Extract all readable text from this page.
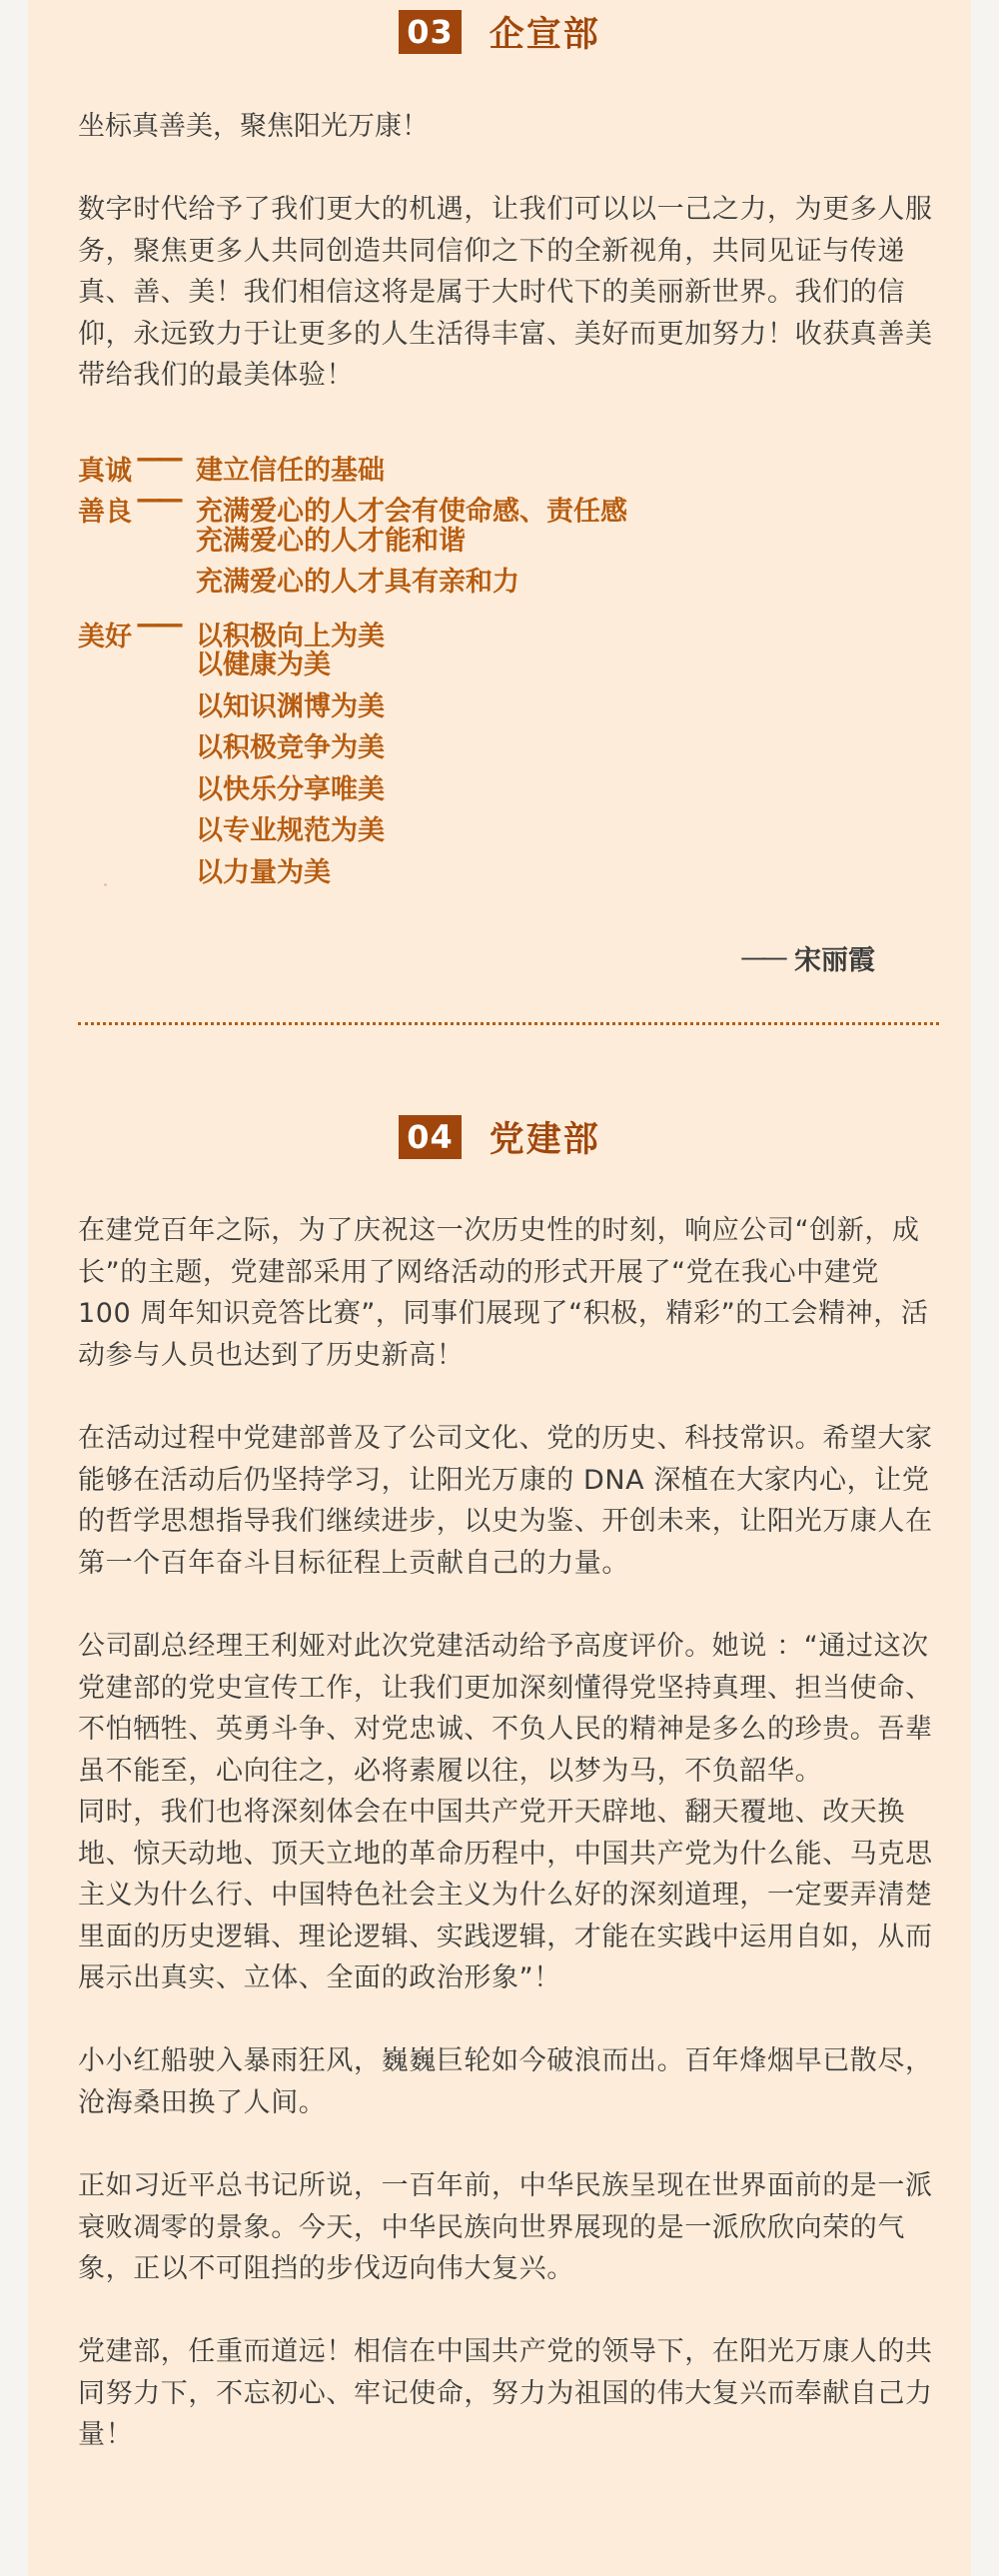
03 企宣部

坐标真善美，聚焦阳光万康！

数字时代给予了我们更大的机遇，让我们可以以一己之力，为更多人服务，聚焦更多人共同创造共同信仰之下的全新视角，共同见证与传递真、善、美！我们相信这将是属于大时代下的美丽新世界。我们的信仰，永远致力于让更多的人生活得丰富、美好而更加努力！收获真善美带给我们的最美体验！

真诚 —— 建立信任的基础
善良 —— 充满爱心的人才会有使命感、责任感
充满爱心的人才能和谐
充满爱心的人才具有亲和力
美好 —— 以积极向上为美
以健康为美
以知识渊博为美
以积极竞争为美
以快乐分享唯美
以专业规范为美
以力量为美
—— 宋丽霞
04 党建部

在建党百年之际，为了庆祝这一次历史性的时刻，响应公司“创新，成长”的主题，党建部采用了网络活动的形式开展了“党在我心中建党 100 周年知识竞答比赛”，同事们展现了“积极，精彩”的工会精神，活动参与人员也达到了历史新高！

在活动过程中党建部普及了公司文化、党的历史、科技常识。希望大家能够在活动后仍坚持学习，让阳光万康的 DNA 深植在大家内心，让党的哲学思想指导我们继续进步，以史为鉴、开创未来，让阳光万康人在第一个百年奋斗目标征程上贡献自己的力量。

公司副总经理王利娅对此次党建活动给予高度评价。她说 ：“通过这次党建部的党史宣传工作，让我们更加深刻懂得党坚持真理、担当使命、不怕牺牲、英勇斗争、对党忠诚、不负人民的精神是多么的珍贵。吾辈虽不能至，心向往之，必将素履以往，以梦为马，不负韶华。

同时，我们也将深刻体会在中国共产党开天辟地、翻天覆地、改天换地、惊天动地、顶天立地的革命历程中，中国共产党为什么能、马克思主义为什么行、中国特色社会主义为什么好的深刻道理，一定要弄清楚里面的历史逻辑、理论逻辑、实践逻辑，才能在实践中运用自如，从而展示出真实、立体、全面的政治形象”！

小小红船驶入暴雨狂风，巍巍巨轮如今破浪而出。百年烽烟早已散尽，沧海桑田换了人间。

正如习近平总书记所说，一百年前，中华民族呈现在世界面前的是一派衰败凋零的景象。今天，中华民族向世界展现的是一派欣欣向荣的气象，正以不可阻挡的步伐迈向伟大复兴。

党建部，任重而道远！相信在中国共产党的领导下，在阳光万康人的共同努力下，不忘初心、牢记使命，努力为祖国的伟大复兴而奉献自己力量！
